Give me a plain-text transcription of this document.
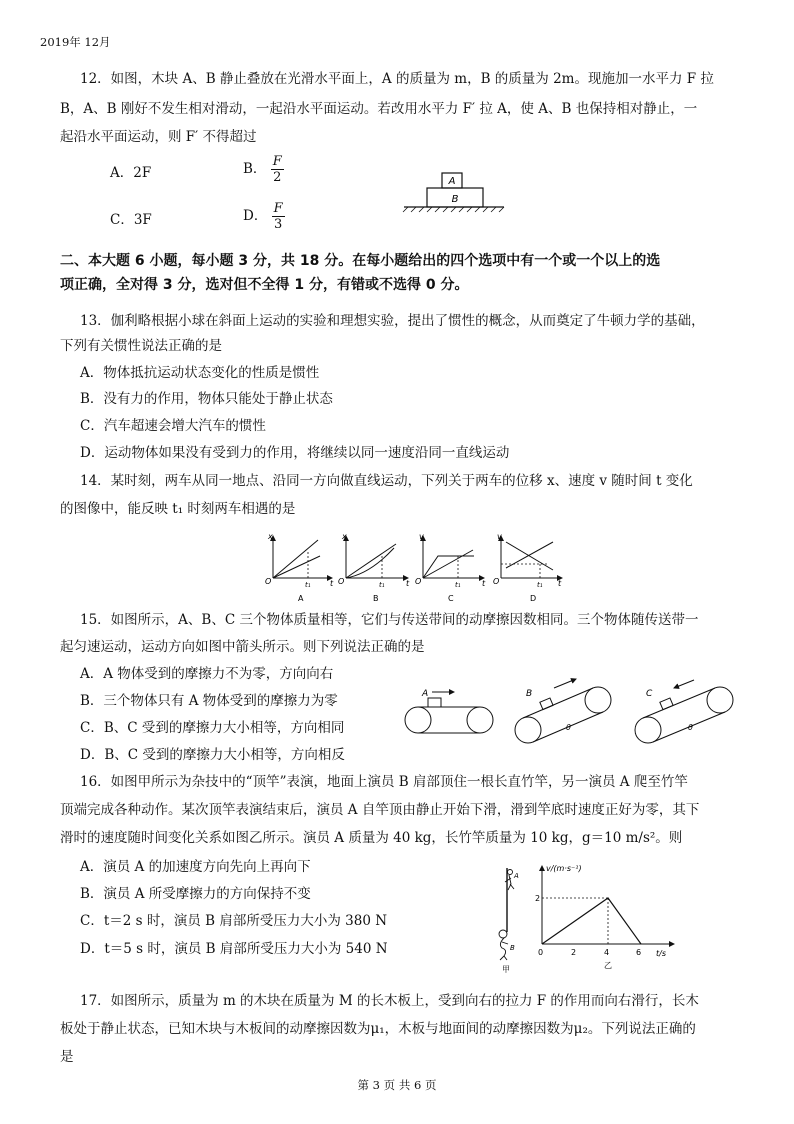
2019年 12月
12．如图，木块 A、B 静止叠放在光滑水平面上，A 的质量为 m，B 的质量为 2m。现施加一水平力 F 拉
B，A、B 刚好不发生相对滑动，一起沿水平面运动。若改用水平力 F′ 拉 A，使 A、B 也保持相对静止，一
起沿水平面运动，则 F′ 不得超过
A．2F	B． $\frac{F}{2}$
C．3F	D． $\frac{F}{3}$
A
B
二、本大题 6 小题，每小题 3 分，共 18 分。在每小题给出的四个选项中有一个或一个以上的选
项正确，全对得 3 分，选对但不全得 1 分，有错或不选得 0 分。
13．伽利略根据小球在斜面上运动的实验和理想实验，提出了惯性的概念，从而奠定了牛顿力学的基础，
下列有关惯性说法正确的是
A．物体抵抗运动状态变化的性质是惯性
B．没有力的作用，物体只能处于静止状态
C．汽车超速会增大汽车的惯性
D．运动物体如果没有受到力的作用，将继续以同一速度沿同一直线运动
14．某时刻，两车从同一地点、沿同一方向做直线运动，下列关于两车的位移 x、速度 v 随时间 t 变化
的图像中，能反映 t₁ 时刻两车相遇的是
x
O	t₁ t
A
x
O	t₁	t
B
v
O	t₁	t
C
v
O	t₁ t
D
15．如图所示，A、B、C 三个物体质量相等，它们与传送带间的动摩擦因数相同。三个物体随传送带一
起匀速运动，运动方向如图中箭头所示。则下列说法正确的是
A．A 物体受到的摩擦力不为零，方向向右
B．三个物体只有 A 物体受到的摩擦力为零
C．B、C 受到的摩擦力大小相等，方向相同
D．B、C 受到的摩擦力大小相等，方向相反
A	B
θ
C
θ
16．如图甲所示为杂技中的“顶竿”表演，地面上演员 B 肩部顶住一根长直竹竿，另一演员 A 爬至竹竿
顶端完成各种动作。某次顶竿表演结束后，演员 A 自竿顶由静止开始下滑，滑到竿底时速度正好为零，其下
滑时的速度随时间变化关系如图乙所示。演员 A 质量为 40 kg，长竹竿质量为 10 kg，g＝10 m/s²。则
A．演员 A 的加速度方向先向上再向下
B．演员 A 所受摩擦力的方向保持不变
C．t＝2 s 时，演员 B 肩部所受压力大小为 380 N
D．t＝5 s 时，演员 B 肩部所受压力大小为 540 N
A
B
甲
v/(m·s⁻¹)
t/s
2
0	2	4	6
乙
17．如图所示，质量为 m 的木块在质量为 M 的长木板上，受到向右的拉力 F 的作用而向右滑行，长木
板处于静止状态，已知木块与木板间的动摩擦因数为μ₁，木板与地面间的动摩擦因数为μ₂。下列说法正确的
是
第 3 页 共 6 页
